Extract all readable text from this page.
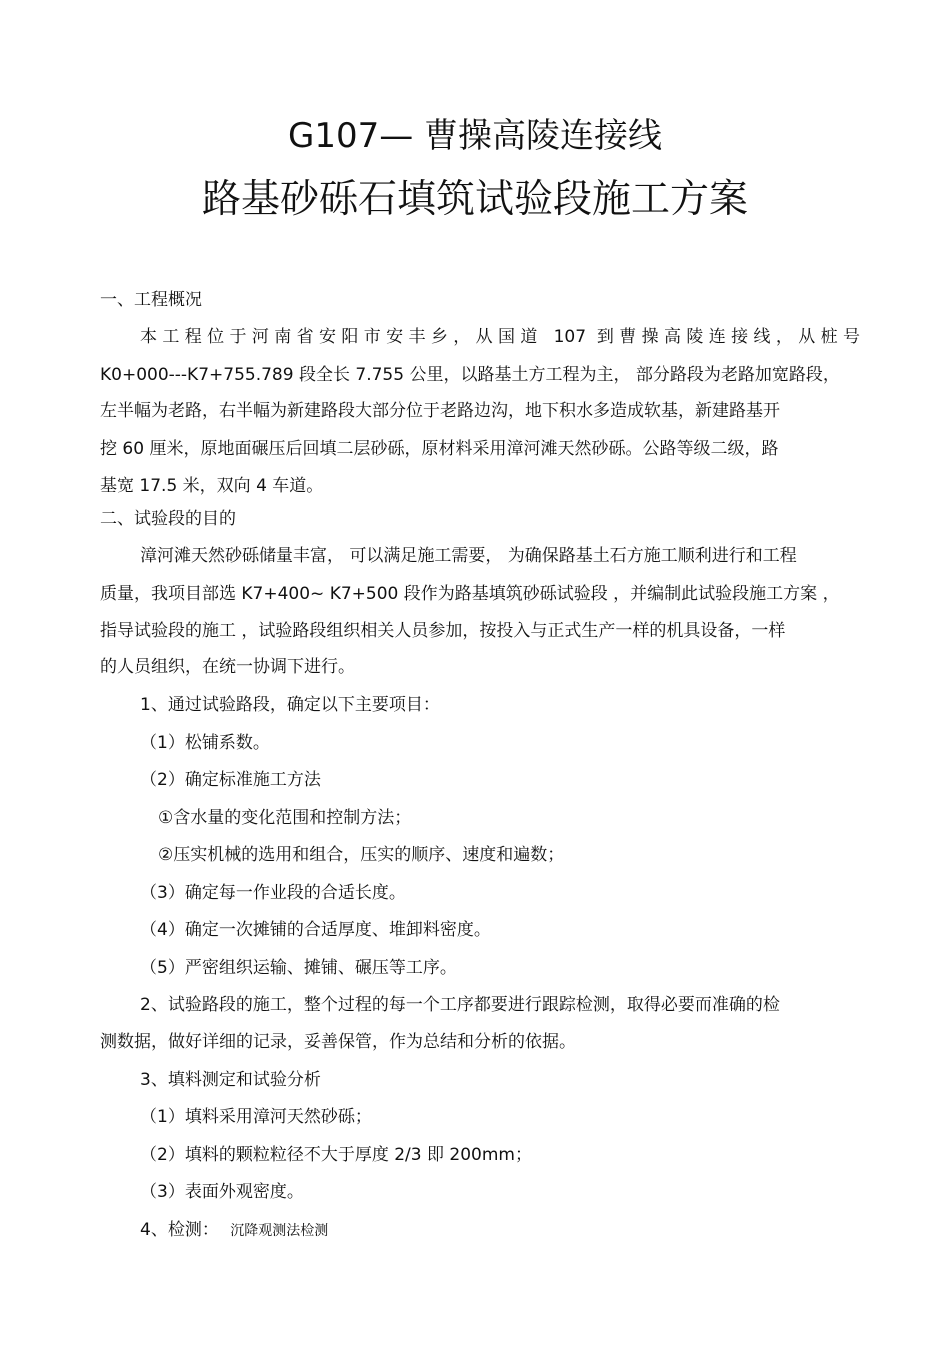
G107— 曹操高陵连接线
路基砂砾石填筑试验段施工方案
一、工程概况
本工程位于河南省安阳市安丰乡，从国道 107 到曹操高陵连接线，从桩号
K0+000---K7+755.789 段全长 7.755 公里，以路基土方工程为主， 部分路段为老路加宽路段，
左半幅为老路，右半幅为新建路段大部分位于老路边沟，地下积水多造成软基，新建路基开
挖 60 厘米，原地面碾压后回填二层砂砾，原材料采用漳河滩天然砂砾。公路等级二级，路
基宽 17.5 米，双向 4 车道。
二、试验段的目的
漳河滩天然砂砾储量丰富， 可以满足施工需要， 为确保路基土石方施工顺利进行和工程
质量，我项目部选 K7+400~ K7+500 段作为路基填筑砂砾试验段 ，并编制此试验段施工方案 ，
指导试验段的施工 ，试验路段组织相关人员参加，按投入与正式生产一样的机具设备，一样
的人员组织，在统一协调下进行。
1、通过试验路段，确定以下主要项目：
（1）松铺系数。
（2）确定标准施工方法
①含水量的变化范围和控制方法；
②压实机械的选用和组合，压实的顺序、速度和遍数；
（3）确定每一作业段的合适长度。
（4）确定一次摊铺的合适厚度、堆卸料密度。
（5）严密组织运输、摊铺、碾压等工序。
2、试验路段的施工，整个过程的每一个工序都要进行跟踪检测，取得必要而准确的检
测数据，做好详细的记录，妥善保管，作为总结和分析的依据。
3、填料测定和试验分析
（1）填料采用漳河天然砂砾；
（2）填料的颗粒粒径不大于厚度 2/3 即 200mm；
（3）表面外观密度。
4、检测： 沉降观测法检测
